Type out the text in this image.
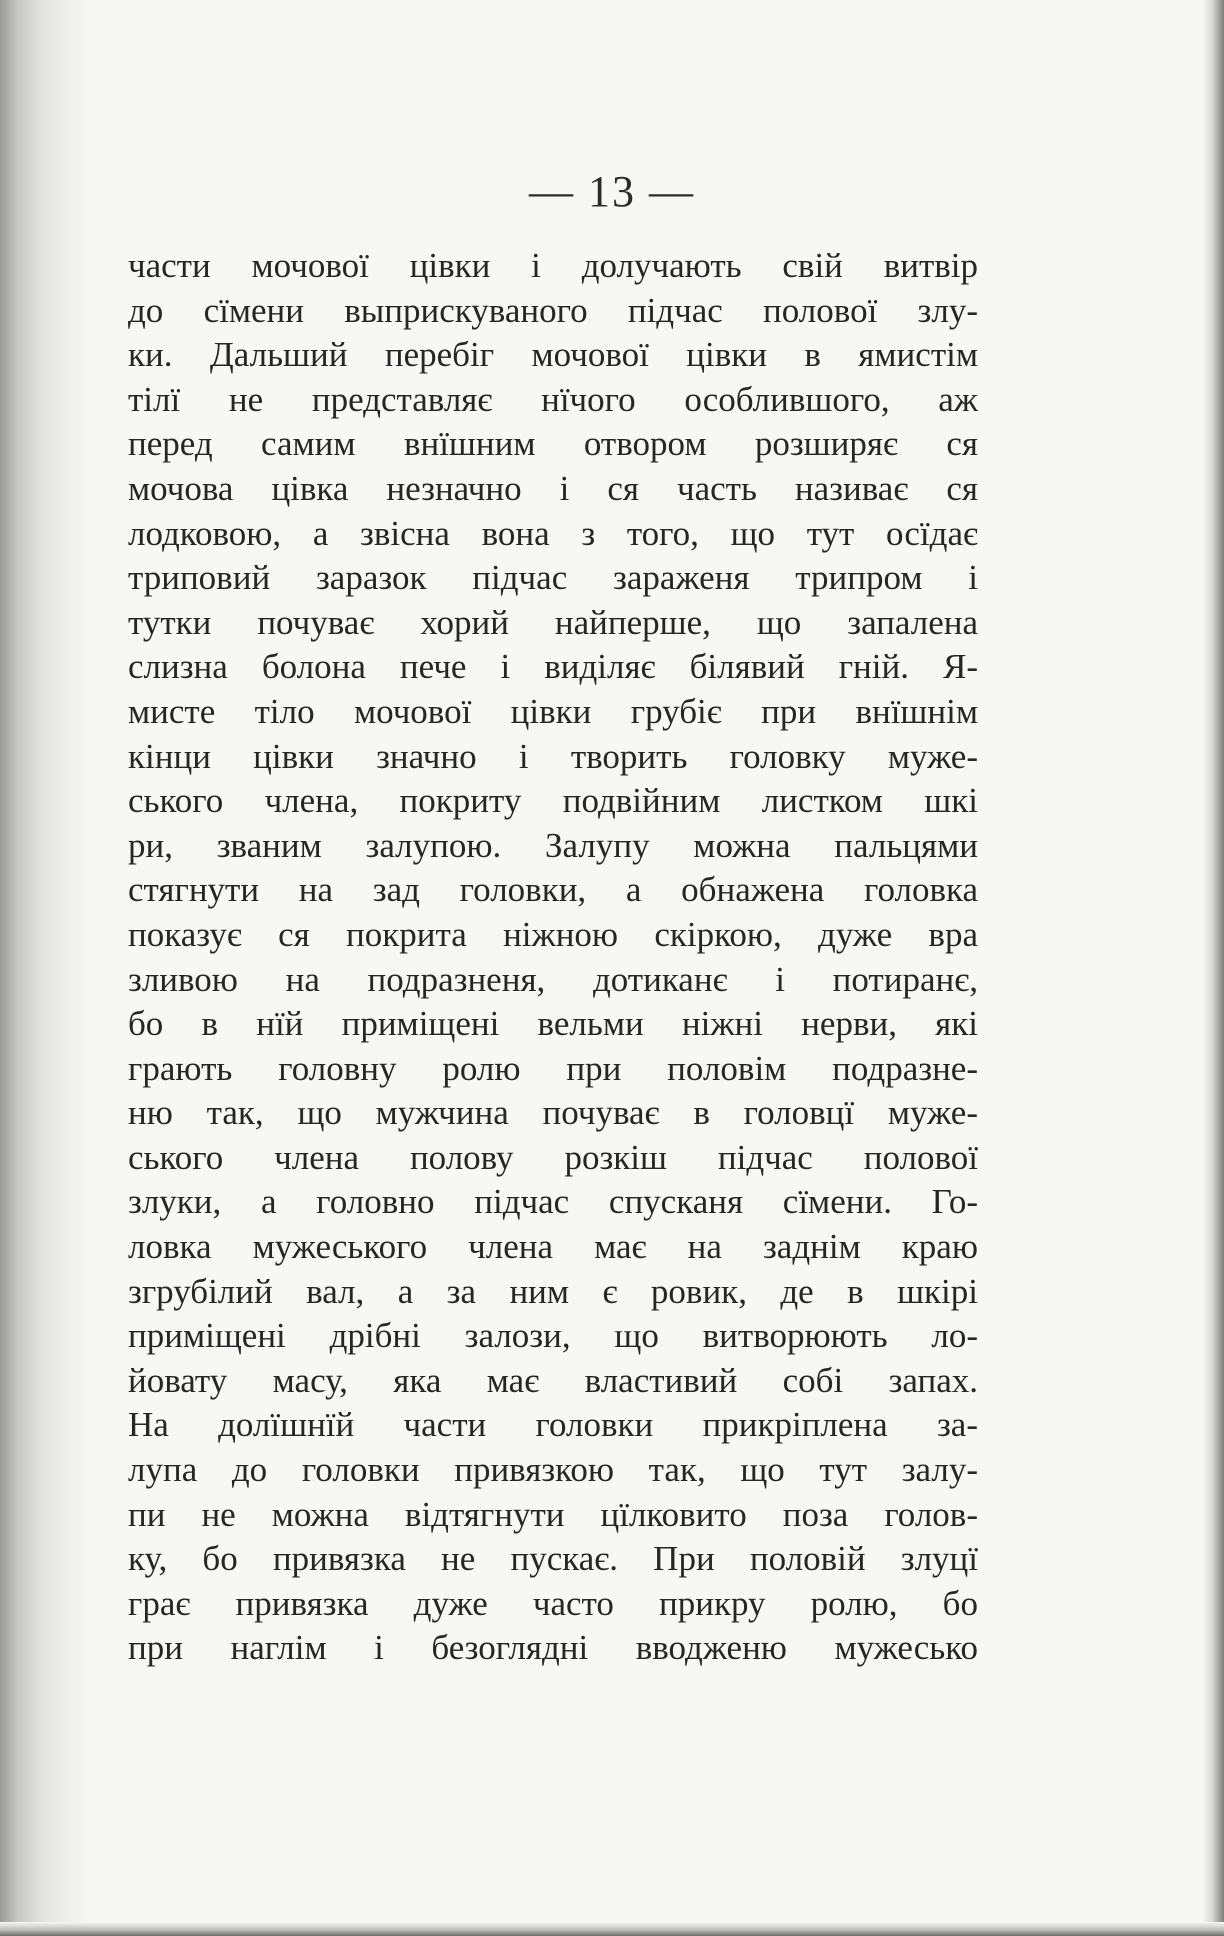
— 13 —
части мочової цівки і долучають свій витвір
до сїмени выприскуваного підчас полової злу-
ки. Дальший перебіг мочової цівки в ямистім
тілї не представляє нїчого особлившого, аж
перед самим внїшним отвором розширяє ся
мочова цівка незначно і ся часть називає ся
лодковою, а звісна вона з того, що тут осїдає
триповий заразок підчас зараженя трипром і
тутки почуває хорий найперше, що запалена
слизна болона пече і виділяє білявий гній. Я-
мисте тіло мочової цівки грубіє при внїшнім
кінци цівки значно і творить головку муже-
ського члена, покриту подвійним листком шкі
ри, званим залупою. Залупу можна пальцями
стягнути на зад головки, а обнажена головка
показує ся покрита ніжною скіркою, дуже вра
зливою на подразненя, дотиканє і потиранє,
бо в нїй приміщені вельми ніжні нерви, які
грають головну ролю при половім подразне-
ню так, що мужчина почуває в головцї муже-
ського члена полову розкіш підчас полової
злуки, а головно підчас спусканя сїмени. Го-
ловка мужеського члена має на заднім краю
згрубілий вал, а за ним є ровик, де в шкірі
приміщені дрібні залози, що витворюють ло-
йовату масу, яка має властивий собі запах.
На долїшнїй части головки прикріплена за-
лупа до головки привязкою так, що тут залу-
пи не можна відтягнути цїлковито поза голов-
ку, бо привязка не пускає. При половій злуцї
грає привязка дуже часто прикру ролю, бо
при наглім і безоглядні вводженю мужесько
